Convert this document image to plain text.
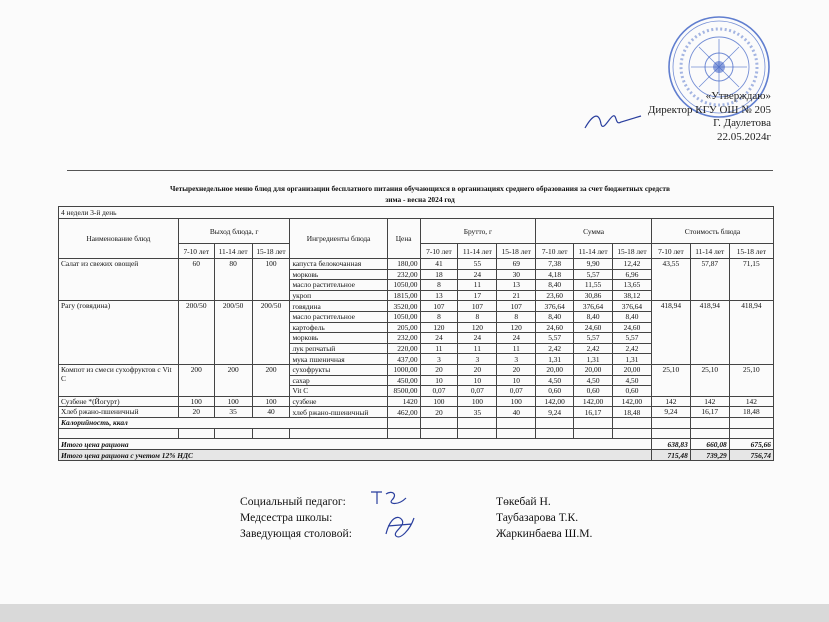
«Утверждаю»
Директор КГУ ОШ № 205
Г. Даулетова
22.05.2024г
Четырехнедельное меню блюд для организации бесплатного питания обучающихся в организациях среднего образования за счет бюджетных средств
зима - весна 2024 год
4 недели 3-й день														
Наименование блюд	Выход блюда, г			Ингредиенты блюда	Цена	Брутто, г			Сумма			Стоимость блюда		
	7-10 лет	11-14 лет	15-18 лет			7-10 лет	11-14 лет	15-18 лет	7-10 лет	11-14 лет	15-18 лет	7-10 лет	11-14 лет	15-18 лет
Салат из свежих овощей	60	80	100	капуста белокочанная	180,00	41	55	69	7,38	9,90	12,42	43,55	57,87	71,15
				морковь	232,00	18	24	30	4,18	5,57	6,96			
				масло растительное	1050,00	8	11	13	8,40	11,55	13,65			
				укроп	1815,00	13	17	21	23,60	30,86	38,12			
Рагу (говядина)	200/50	200/50	200/50	говядина	3520,00	107	107	107	376,64	376,64	376,64	418,94	418,94	418,94
				масло растительное	1050,00	8	8	8	8,40	8,40	8,40			
				картофель	205,00	120	120	120	24,60	24,60	24,60			
				морковь	232,00	24	24	24	5,57	5,57	5,57			
				лук репчатый	220,00	11	11	11	2,42	2,42	2,42			
				мука пшеничная	437,00	3	3	3	1,31	1,31	1,31			
Компот из смеси сухофруктов с Vit C	200	200	200	сухофрукты	1000,00	20	20	20	20,00	20,00	20,00	25,10	25,10	25,10
				сахар	450,00	10	10	10	4,50	4,50	4,50			
				Vit C	8500,00	0,07	0,07	0,07	0,60	0,60	0,60			
Сузбене *(Йогурт)	100	100	100	сузбене	1420	100	100	100	142,00	142,00	142,00	142	142	142
Хлеб ржано-пшеничный	20	35	40	хлеб ржано-пшеничный	462,00	20	35	40	9,24	16,17	18,48	9,24	16,17	18,48
Калорийность, ккал														

Итого цена рациона												638,83	660,08	675,66
Итого цена рациона с учетом 12% НДС												715,48	739,29	756,74
Социальный педагог:	Төкебай Н.
Медсестра школы:	Таубазарова Т.К.
Заведующая столовой:	Жаркинбаева Ш.М.
